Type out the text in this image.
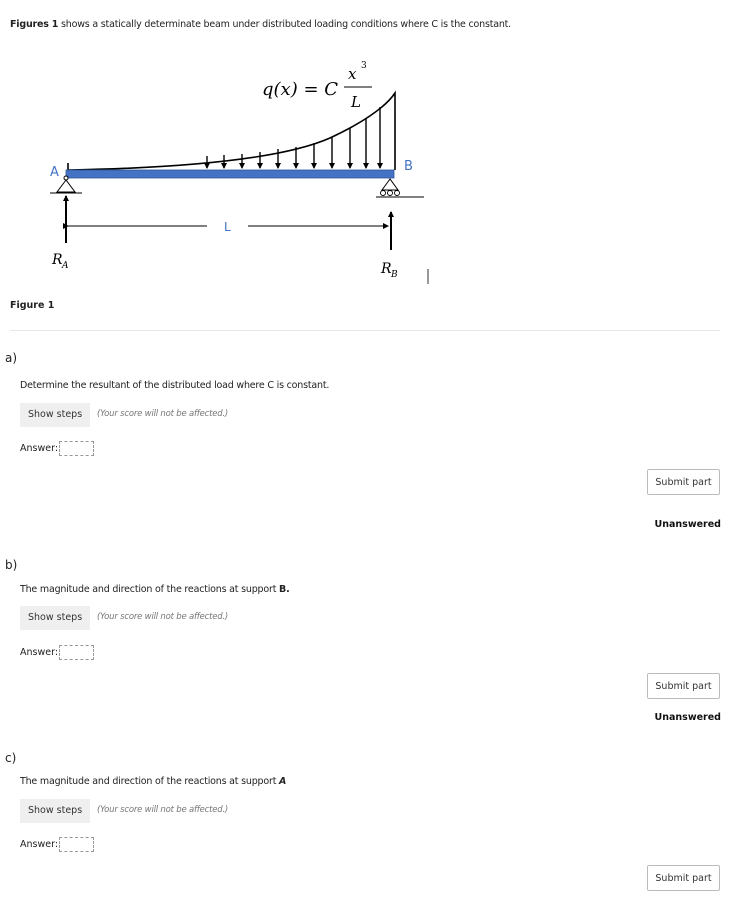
Figures 1 shows a statically determinate beam under distributed loading conditions where C is the constant.
q(x) = C
x 3
L
A	B
L
R A	R B
Figure 1
a)
Determine the resultant of the distributed load where C is constant.
Show steps	(Your score will not be affected.)
Answer:
Submit part
Unanswered
b)
The magnitude and direction of the reactions at support B.
Show steps	(Your score will not be affected.)
Answer:
Submit part
Unanswered
c)
The magnitude and direction of the reactions at support A
Show steps	(Your score will not be affected.)
Answer:
Submit part
